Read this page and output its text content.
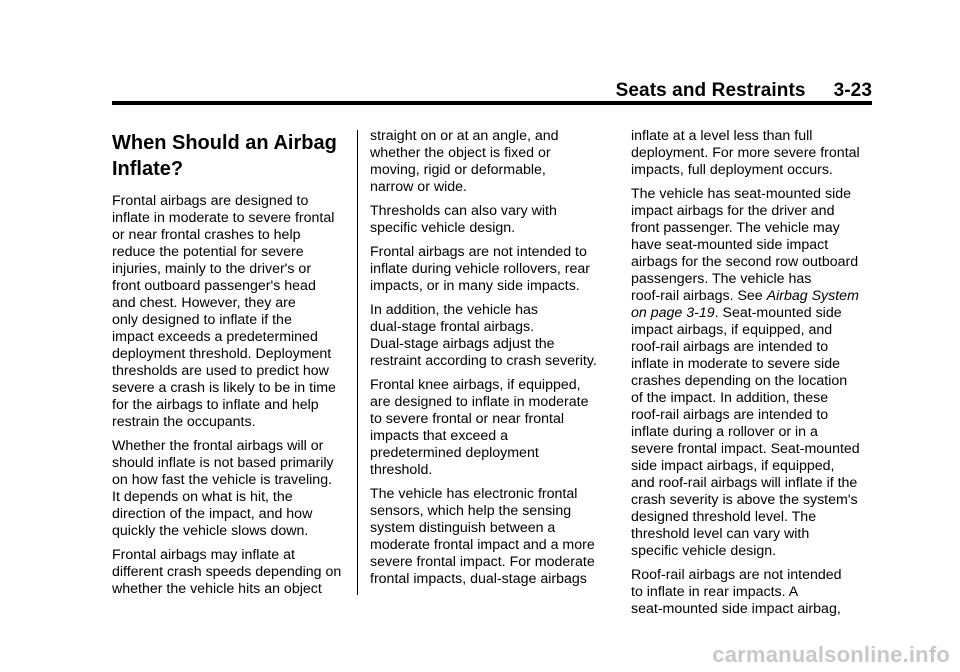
Seats and Restraints 3-23
When Should an Airbag
Inflate?

Frontal airbags are designed to
inflate in moderate to severe frontal
or near frontal crashes to help
reduce the potential for severe
injuries, mainly to the driver's or
front outboard passenger's head
and chest. However, they are
only designed to inflate if the
impact exceeds a predetermined
deployment threshold. Deployment
thresholds are used to predict how
severe a crash is likely to be in time
for the airbags to inflate and help
restrain the occupants.

Whether the frontal airbags will or
should inflate is not based primarily
on how fast the vehicle is traveling.
It depends on what is hit, the
direction of the impact, and how
quickly the vehicle slows down.

Frontal airbags may inflate at
different crash speeds depending on
whether the vehicle hits an object

straight on or at an angle, and
whether the object is fixed or
moving, rigid or deformable,
narrow or wide.

Thresholds can also vary with
specific vehicle design.

Frontal airbags are not intended to
inflate during vehicle rollovers, rear
impacts, or in many side impacts.

In addition, the vehicle has
dual-stage frontal airbags.
Dual-stage airbags adjust the
restraint according to crash severity.

Frontal knee airbags, if equipped,
are designed to inflate in moderate
to severe frontal or near frontal
impacts that exceed a
predetermined deployment
threshold.

The vehicle has electronic frontal
sensors, which help the sensing
system distinguish between a
moderate frontal impact and a more
severe frontal impact. For moderate
frontal impacts, dual-stage airbags

inflate at a level less than full
deployment. For more severe frontal
impacts, full deployment occurs.

The vehicle has seat-mounted side
impact airbags for the driver and
front passenger. The vehicle may
have seat-mounted side impact
airbags for the second row outboard
passengers. The vehicle has
roof-rail airbags. See Airbag System
on page 3-19. Seat-mounted side
impact airbags, if equipped, and
roof-rail airbags are intended to
inflate in moderate to severe side
crashes depending on the location
of the impact. In addition, these
roof-rail airbags are intended to
inflate during a rollover or in a
severe frontal impact. Seat-mounted
side impact airbags, if equipped,
and roof-rail airbags will inflate if the
crash severity is above the system's
designed threshold level. The
threshold level can vary with
specific vehicle design.

Roof-rail airbags are not intended
to inflate in rear impacts. A
seat-mounted side impact airbag,

carmanualsonline.info
